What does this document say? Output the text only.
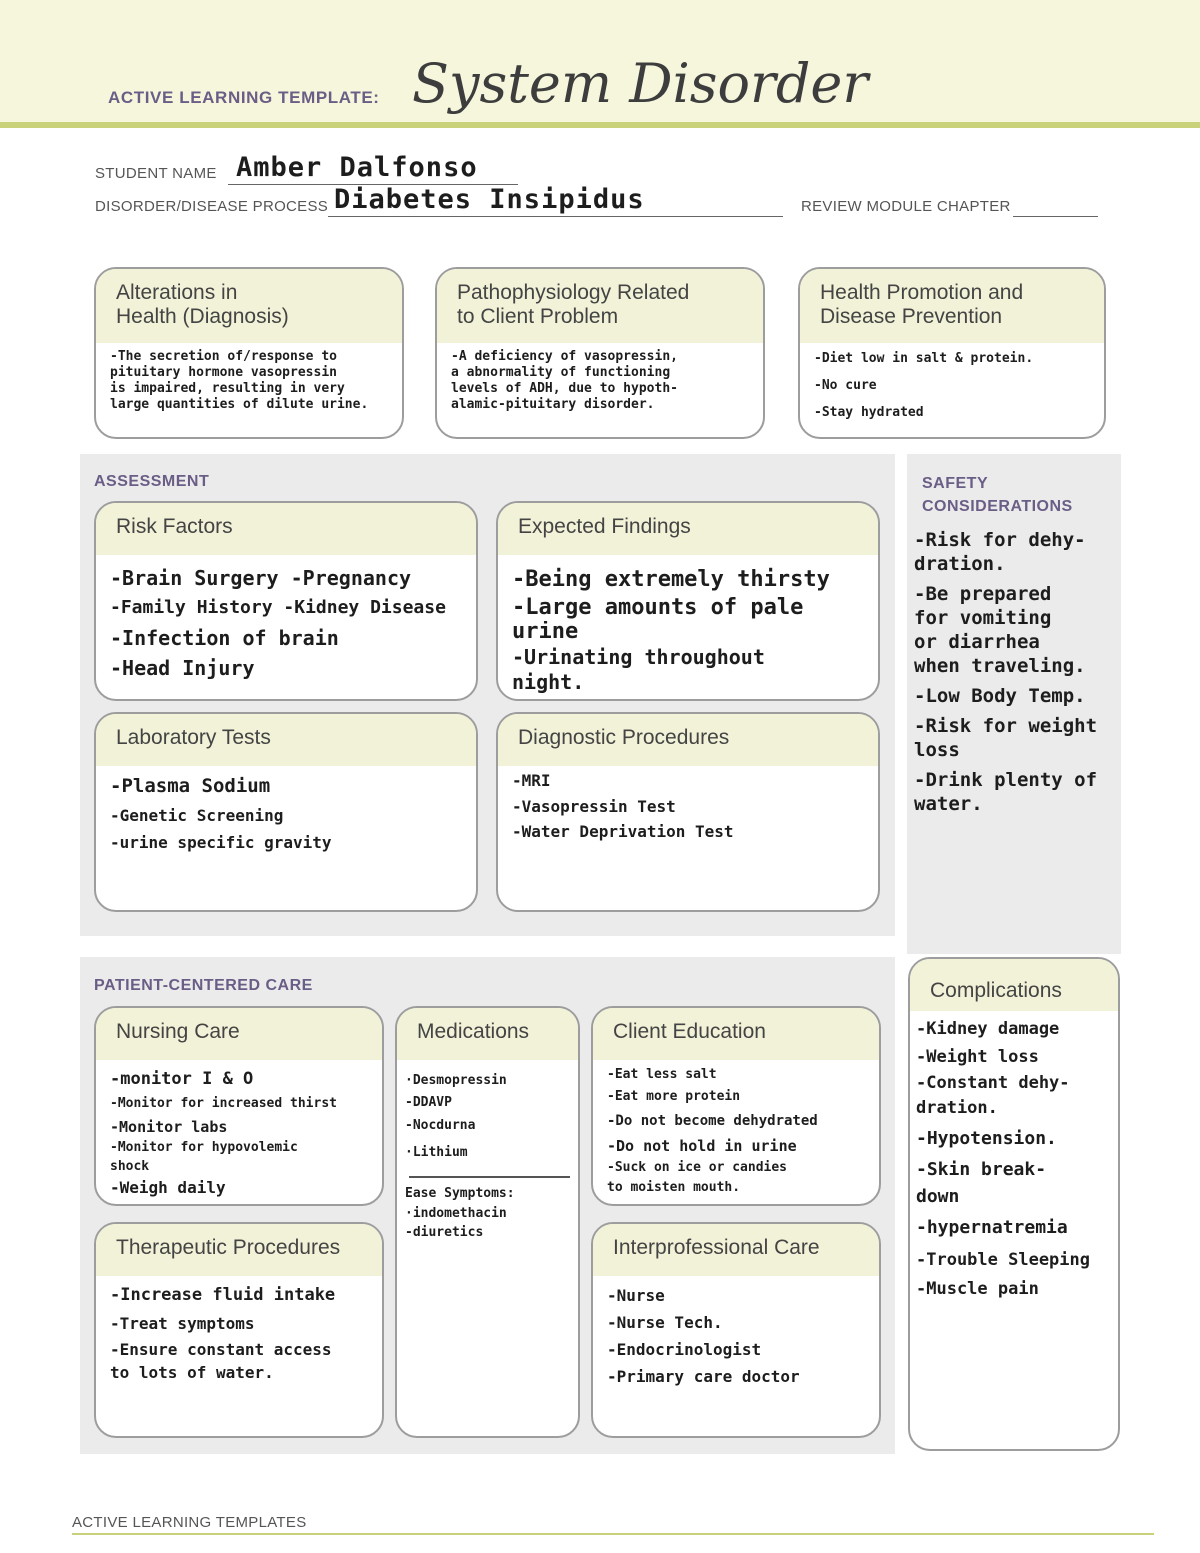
ACTIVE LEARNING TEMPLATE: System Disorder
STUDENT NAME Amber Dalfonso
DISORDER/DISEASE PROCESS Diabetes Insipidus	REVIEW MODULE CHAPTER
Alterations in
Health (Diagnosis)
-The secretion of/response to
pituitary hormone vasopressin
is impaired, resulting in very
large quantities of dilute urine.
Pathophysiology Related
to Client Problem
-A deficiency of vasopressin,
a abnormality of functioning
levels of ADH, due to hypoth-
alamic-pituitary disorder.
Health Promotion and
Disease Prevention
-Diet low in salt & protein.
-No cure
-Stay hydrated
ASSESSMENT
Risk Factors
-Brain Surgery -Pregnancy
-Family History -Kidney Disease
-Infection of brain
-Head Injury
Expected Findings
-Being extremely thirsty
-Large amounts of pale
urine
-Urinating throughout
night.
Laboratory Tests
-Plasma Sodium
-Genetic Screening
-urine specific gravity
Diagnostic Procedures
-MRI
-Vasopressin Test
-Water Deprivation Test
SAFETY
CONSIDERATIONS
-Risk for dehy-
dration.
-Be prepared
for vomiting
or diarrhea
when traveling.
-Low Body Temp.
-Risk for weight
loss
-Drink plenty of
water.
PATIENT-CENTERED CARE
Nursing Care
-monitor I & O
-Monitor for increased thirst
-Monitor labs
-Monitor for hypovolemic
shock
-Weigh daily
Medications
·Desmopressin
-DDAVP
-Nocdurna
·Lithium
Ease Symptoms:
·indomethacin
-diuretics
Client Education
-Eat less salt
-Eat more protein
-Do not become dehydrated
-Do not hold in urine
-Suck on ice or candies
to moisten mouth.
Therapeutic Procedures
-Increase fluid intake
-Treat symptoms
-Ensure constant access
to lots of water.
Interprofessional Care
-Nurse
-Nurse Tech.
-Endocrinologist
-Primary care doctor
Complications
-Kidney damage
-Weight loss
-Constant dehy-
dration.
-Hypotension.
-Skin break-
down
-hypernatremia
-Trouble Sleeping
-Muscle pain
ACTIVE LEARNING TEMPLATES
